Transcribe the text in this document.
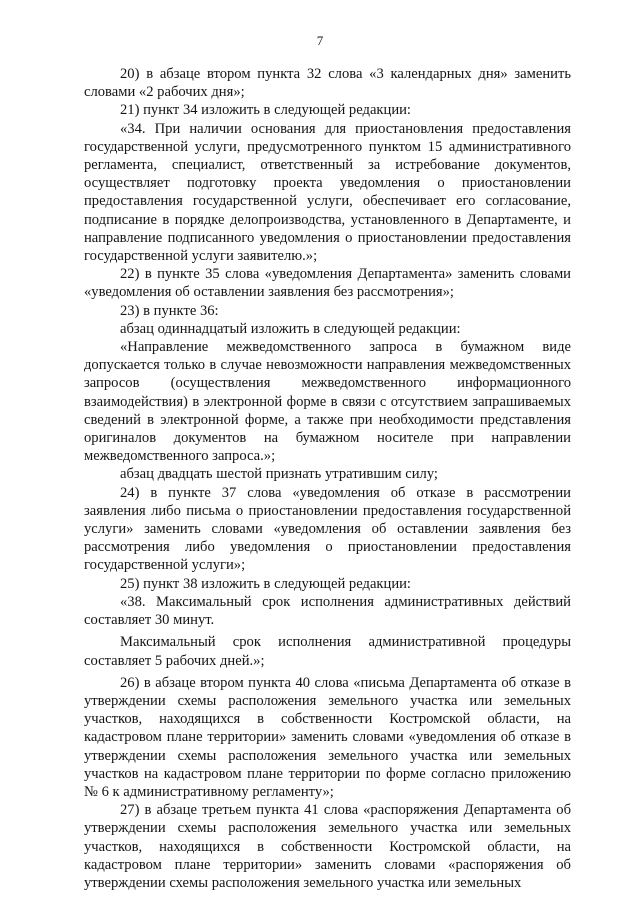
7

20) в абзаце втором пункта 32 слова «3 календарных дня» заменить словами «2 рабочих дня»;

21) пункт 34 изложить в следующей редакции:

«34. При наличии основания для приостановления предоставления государственной услуги, предусмотренного пунктом 15 административного регламента, специалист, ответственный за истребование документов, осуществляет подготовку проекта уведомления о приостановлении предоставления государственной услуги, обеспечивает его согласование, подписание в порядке делопроизводства, установленного в Департаменте, и направление подписанного уведомления о приостановлении предоставления государственной услуги заявителю.»;

22) в пункте 35 слова «уведомления Департамента» заменить словами «уведомления об оставлении заявления без рассмотрения»;

23) в пункте 36:

абзац одиннадцатый изложить в следующей редакции:

«Направление межведомственного запроса в бумажном виде допускается только в случае невозможности направления межведомственных запросов (осуществления межведомственного информационного взаимодействия) в электронной форме в связи с отсутствием запрашиваемых сведений в электронной форме, а также при необходимости представления оригиналов документов на бумажном носителе при направлении межведомственного запроса.»;

абзац двадцать шестой признать утратившим силу;

24) в пункте 37 слова «уведомления об отказе в рассмотрении заявления либо письма о приостановлении предоставления государственной услуги» заменить словами «уведомления об оставлении заявления без рассмотрения либо уведомления о приостановлении предоставления государственной услуги»;

25) пункт 38 изложить в следующей редакции:

«38. Максимальный срок исполнения административных действий составляет 30 минут.

Максимальный срок исполнения административной процедуры составляет 5 рабочих дней.»;

26) в абзаце втором пункта 40 слова «письма Департамента об отказе в утверждении схемы расположения земельного участка или земельных участков, находящихся в собственности Костромской области, на кадастровом плане территории» заменить словами «уведомления об отказе в утверждении схемы расположения земельного участка или земельных участков на кадастровом плане территории по форме согласно приложению № 6 к административному регламенту»;

27) в абзаце третьем пункта 41 слова «распоряжения Департамента об утверждении схемы расположения земельного участка или земельных участков, находящихся в собственности Костромской области, на кадастровом плане территории» заменить словами «распоряжения об утверждении схемы расположения земельного участка или земельных
